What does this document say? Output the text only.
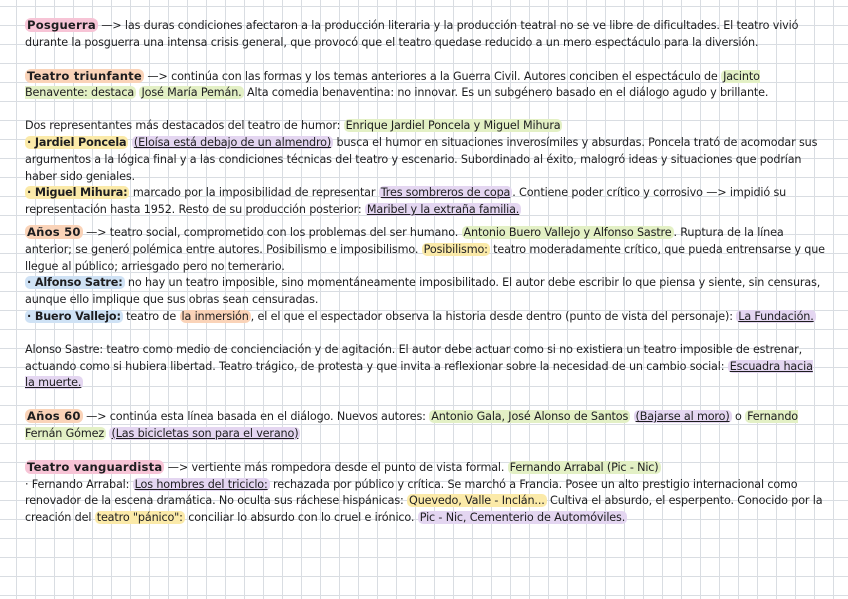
Posguerra —> las duras condiciones afectaron a la producción literaria y la producción teatral no se ve libre de dificultades. El teatro vivió durante la posguerra una intensa crisis general, que provocó que el teatro quedase reducido a un mero espectáculo para la diversión.

Teatro triunfante —> continúa con las formas y los temas anteriores a la Guerra Civil. Autores conciben el espectáculo de Jacinto Benavente: destaca José María Pemán. Alta comedia benaventina: no innovar. Es un subgénero basado en el diálogo agudo y brillante.

Dos representantes más destacados del teatro de humor: Enrique Jardiel Poncela y Miguel Mihura

· Jardiel Poncela (Eloísa está debajo de un almendro) busca el humor en situaciones inverosímiles y absurdas. Poncela trató de acomodar sus argumentos a la lógica final y a las condiciones técnicas del teatro y escenario. Subordinado al éxito, malogró ideas y situaciones que podrían haber sido geniales.

· Miguel Mihura: marcado por la imposibilidad de representar Tres sombreros de copa . Contiene poder crítico y corrosivo —> impidió su representación hasta 1952. Resto de su producción posterior: Maribel y la extraña familia.

Años 50 —> teatro social, comprometido con los problemas del ser humano. Antonio Buero Vallejo y Alfonso Sastre . Ruptura de la línea anterior; se generó polémica entre autores. Posibilismo e imposibilismo. Posibilismo: teatro moderadamente crítico, que pueda entrensarse y que llegue al público; arriesgado pero no temerario.

· Alfonso Satre: no hay un teatro imposible, sino momentáneamente imposibilitado. El autor debe escribir lo que piensa y siente, sin censuras, aunque ello implique que sus obras sean censuradas.

· Buero Vallejo: teatro de la inmersión , el el que el espectador observa la historia desde dentro (punto de vista del personaje): La Fundación.

Alonso Sastre: teatro como medio de concienciación y de agitación. El autor debe actuar como si no existiera un teatro imposible de estrenar, actuando como si hubiera libertad. Teatro trágico, de protesta y que invita a reflexionar sobre la necesidad de un cambio social: Escuadra hacia la muerte.

Años 60 —> continúa esta línea basada en el diálogo. Nuevos autores: Antonio Gala, José Alonso de Santos (Bajarse al moro) o Fernando Fernán Gómez (Las bicicletas son para el verano)

Teatro vanguardista —> vertiente más rompedora desde el punto de vista formal. Fernando Arrabal (Pic - Nic)

· Fernando Arrabal: Los hombres del triciclo: rechazada por público y crítica. Se marchó a Francia. Posee un alto prestigio internacional como renovador de la escena dramática. No oculta sus ráchese hispánicas: Quevedo, Valle - Inclán... Cultiva el absurdo, el esperpento. Conocido por la creación del teatro "pánico": conciliar lo absurdo con lo cruel e irónico. Pic - Nic, Cementerio de Automóviles.
